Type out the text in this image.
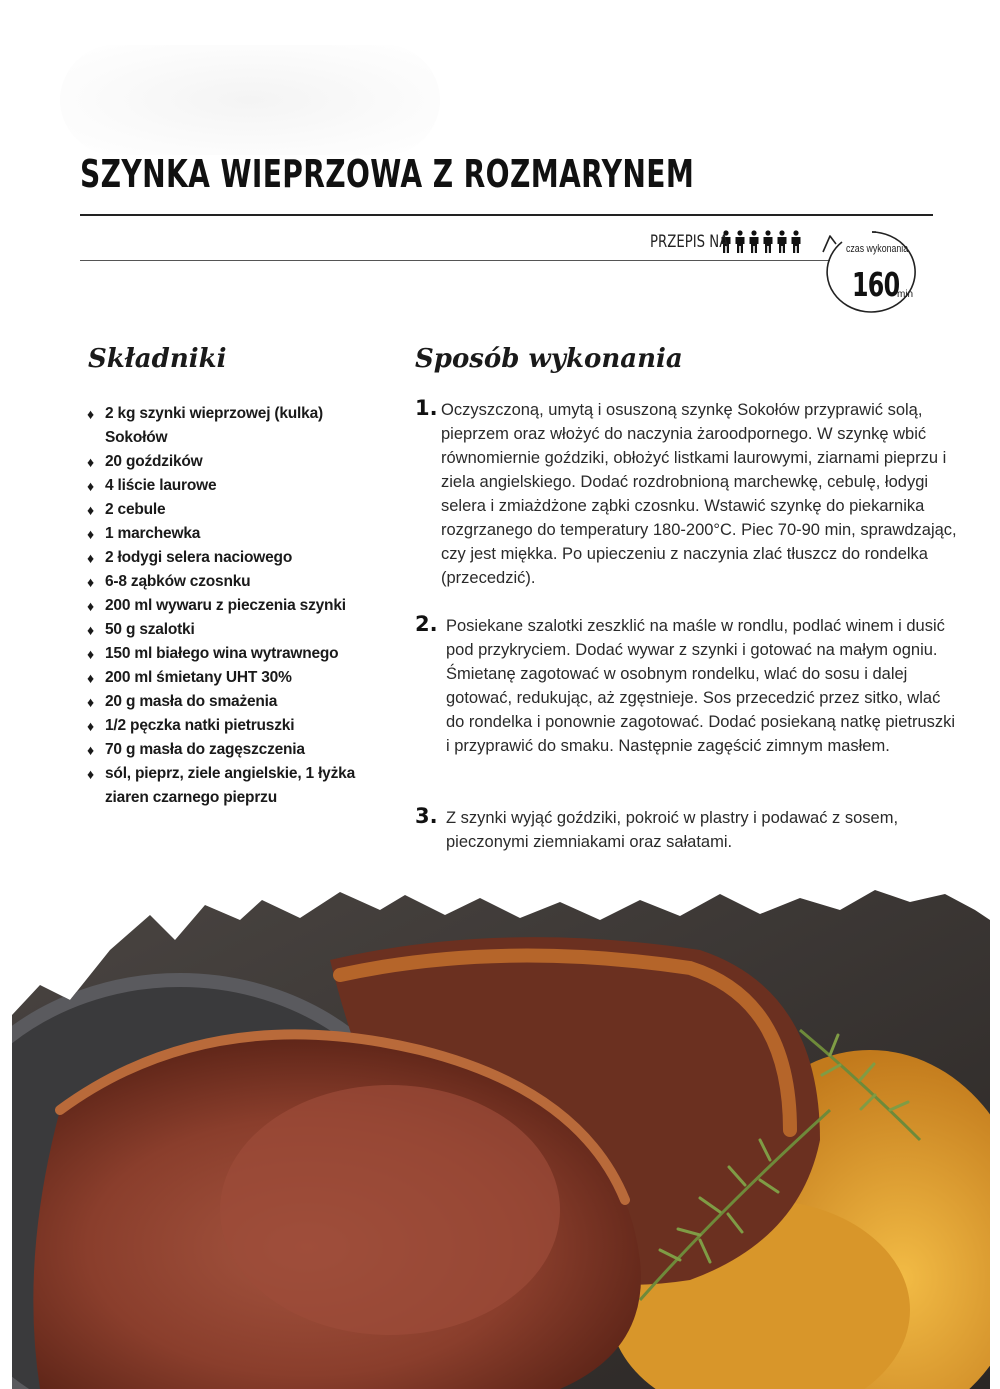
SZYNKA WIEPRZOWA Z ROZMARYNEM
PRZEPIS NA	czas wykonania
160
min
Składniki	Sposób wykonania
♦ 2 kg szynki wieprzowej (kulka) Sokołów
♦ 20 goździków
♦ 4 liście laurowe
♦ 2 cebule
♦ 1 marchewka
♦ 2 łodygi selera naciowego
♦ 6-8 ząbków czosnku
♦ 200 ml wywaru z pieczenia szynki
♦ 50 g szalotki
♦ 150 ml białego wina wytrawnego
♦ 200 ml śmietany UHT 30%
♦ 20 g masła do smażenia
♦ 1/2 pęczka natki pietruszki
♦ 70 g masła do zagęszczenia
♦ sól, pieprz, ziele angielskie, 1 łyżka ziaren czarnego pieprzu
1. Oczyszczoną, umytą i osuszoną szynkę Sokołów przyprawić solą, pieprzem oraz włożyć do naczynia żaroodpornego. W szynkę wbić równomiernie goździki, obłożyć listkami laurowymi, ziarnami pieprzu i ziela angielskiego. Dodać rozdrobnioną marchewkę, cebulę, łodygi selera i zmiażdżone ząbki czosnku. Wstawić szynkę do piekarnika rozgrzanego do temperatury 180-200°C. Piec 70-90 min, sprawdzając, czy jest miękka. Po upieczeniu z naczynia zlać tłuszcz do rondelka (przecedzić).

2. Posiekane szalotki zeszklić na maśle w rondlu, podlać winem i dusić pod przykryciem. Dodać wywar z szynki i gotować na małym ogniu. Śmietanę zagotować w osobnym rondelku, wlać do sosu i dalej gotować, redukując, aż zgęstnieje. Sos przecedzić przez sitko, wlać do rondelka i ponownie zagotować. Dodać posiekaną natkę pietruszki i przyprawić do smaku. Następnie zagęścić zimnym masłem.

3. Z szynki wyjąć goździki, pokroić w plastry i podawać z sosem, pieczonymi ziemniakami oraz sałatami.
